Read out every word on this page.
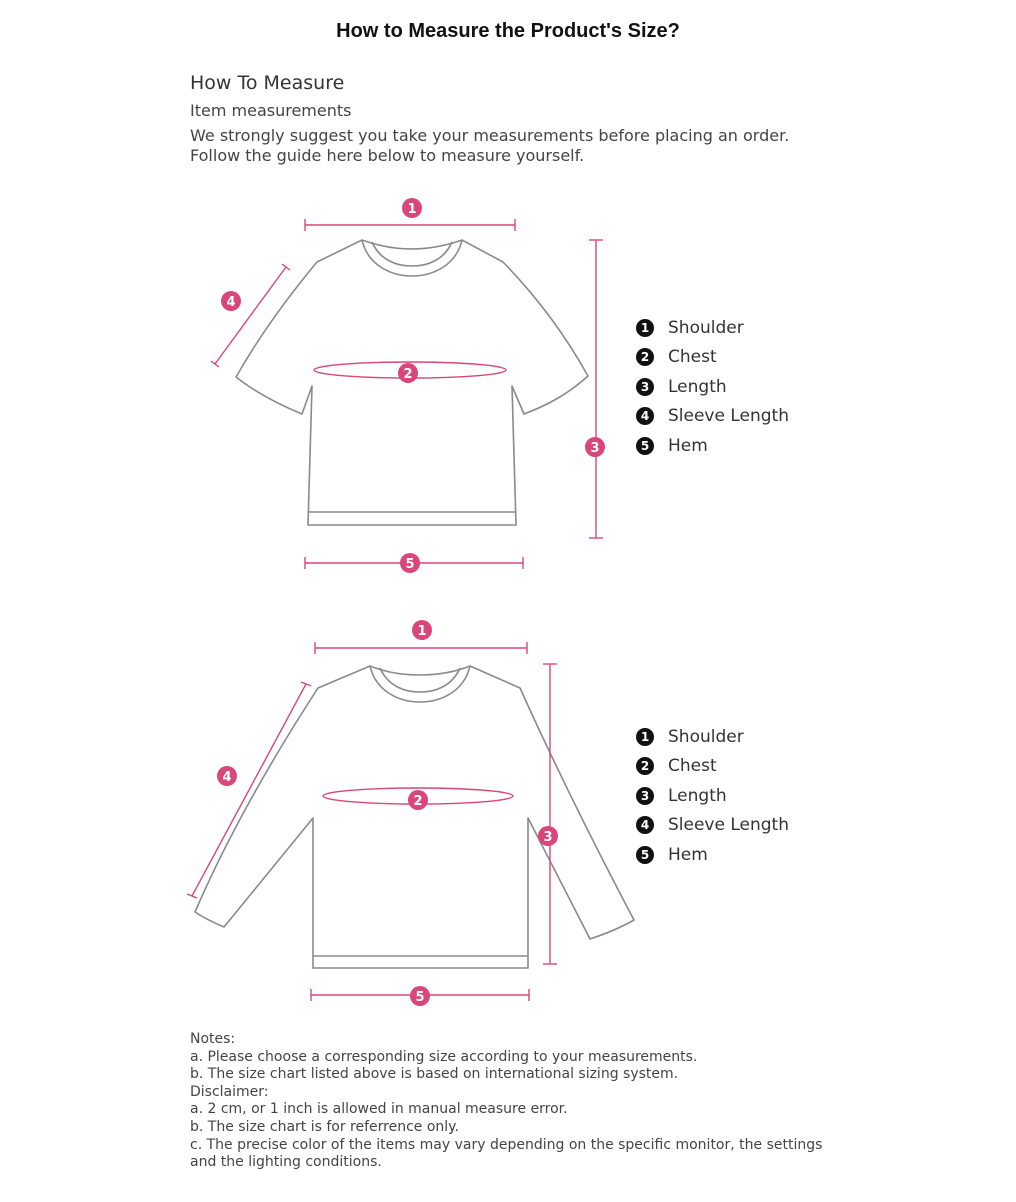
How to Measure the Product's Size?
How To Measure
Item measurements
We strongly suggest you take your measurements before placing an order.
Follow the guide here below to measure yourself.
1
2
3
4
5
1 Shoulder
2 Chest
3 Length
4 Sleeve Length
5 Hem
1
2
3
4
5
1 Shoulder
2 Chest
3 Length
4 Sleeve Length
5 Hem
Notes:
a. Please choose a corresponding size according to your measurements.
b. The size chart listed above is based on international sizing system.
Disclaimer:
a. 2 cm, or 1 inch is allowed in manual measure error.
b. The size chart is for referrence only.
c. The precise color of the items may vary depending on the specific monitor, the settings and the lighting conditions.
